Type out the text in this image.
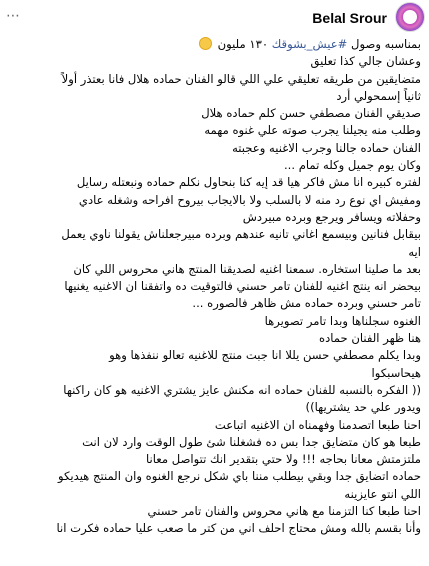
⋯	Belal Srour
بمناسبه وصول #عيش_بشوقك ١٣٠ مليون
وعشان جالي كذا تعليق
متضايقين من طريقه تعليقي علي اللي قالو الفنان حماده هلال فانا بعتذر أولاً
ثانياً إسمحولي أرد
صديقي الفنان مصطفي حسن كلم حماده هلال
وطلب منه يجيلنا يجرب صوته علي غنوه مهمه
الفنان حماده جالنا وجرب الاغنيه وعجبته
وكان يوم جميل وكله تمام ...
لفتره كبيره انا مش فاكر هيا قد إيه كنا بنحاول نكلم حماده ونبعتله رسايل
ومفيش اي نوع رد منه لا بالسلب ولا بالايجاب بيروح افراحه وشغله عادي
وحفلاته ويسافر ويرجع وبرده مبيردش
بيقابل فنانين وبيسمع اغاني تانيه عندهم وبرده مبيرجعلناش يقولنا ناوي يعمل
ايه
بعد ما صلينا استخاره. سمعنا اغنيه لصديقنا المنتج هاني محروس اللي كان
بيحضر انه ينتج اغنيه للفنان تامر حسني فالتوقيت ده واتفقنا ان الاغنيه يغنيها
تامر حسني وبرده حماده مش ظاهر فالصوره ...
الغنوه سجلناها وبدا تامر تصويرها
هنا ظهر الفنان حماده
وبدا يكلم مصطفي حسن يللا انا جبت منتج للاغنيه تعالو ننفذها وهو
هيحاسبكوا
(( الفكره بالنسبه للفنان حماده انه مكنش عايز يشتري الاغنيه هو كان راكنها
ويدور علي حد يشتريها))
احنا طبعا اتصدمنا وفهمناه ان الاغنيه اتباعت
طبعا هو كان متضايق جدا بس ده فشغلنا شئ طول الوقت وارد لان انت
ملتزمتش معانا بحاجه !!! ولا حتي بتقدير انك تتواصل معانا
حماده اتضايق جدا وبقي بيطلب مننا باي شكل نرجع الغنوه وان المنتج هيديكو
اللي انتو عايزينه
احنا طبعا كنا التزمنا مع هاني محروس والفنان تامر حسني
وأنا بقسم بالله ومش محتاج احلف اني من كتر ما صعب عليا حماده فكرت انا
